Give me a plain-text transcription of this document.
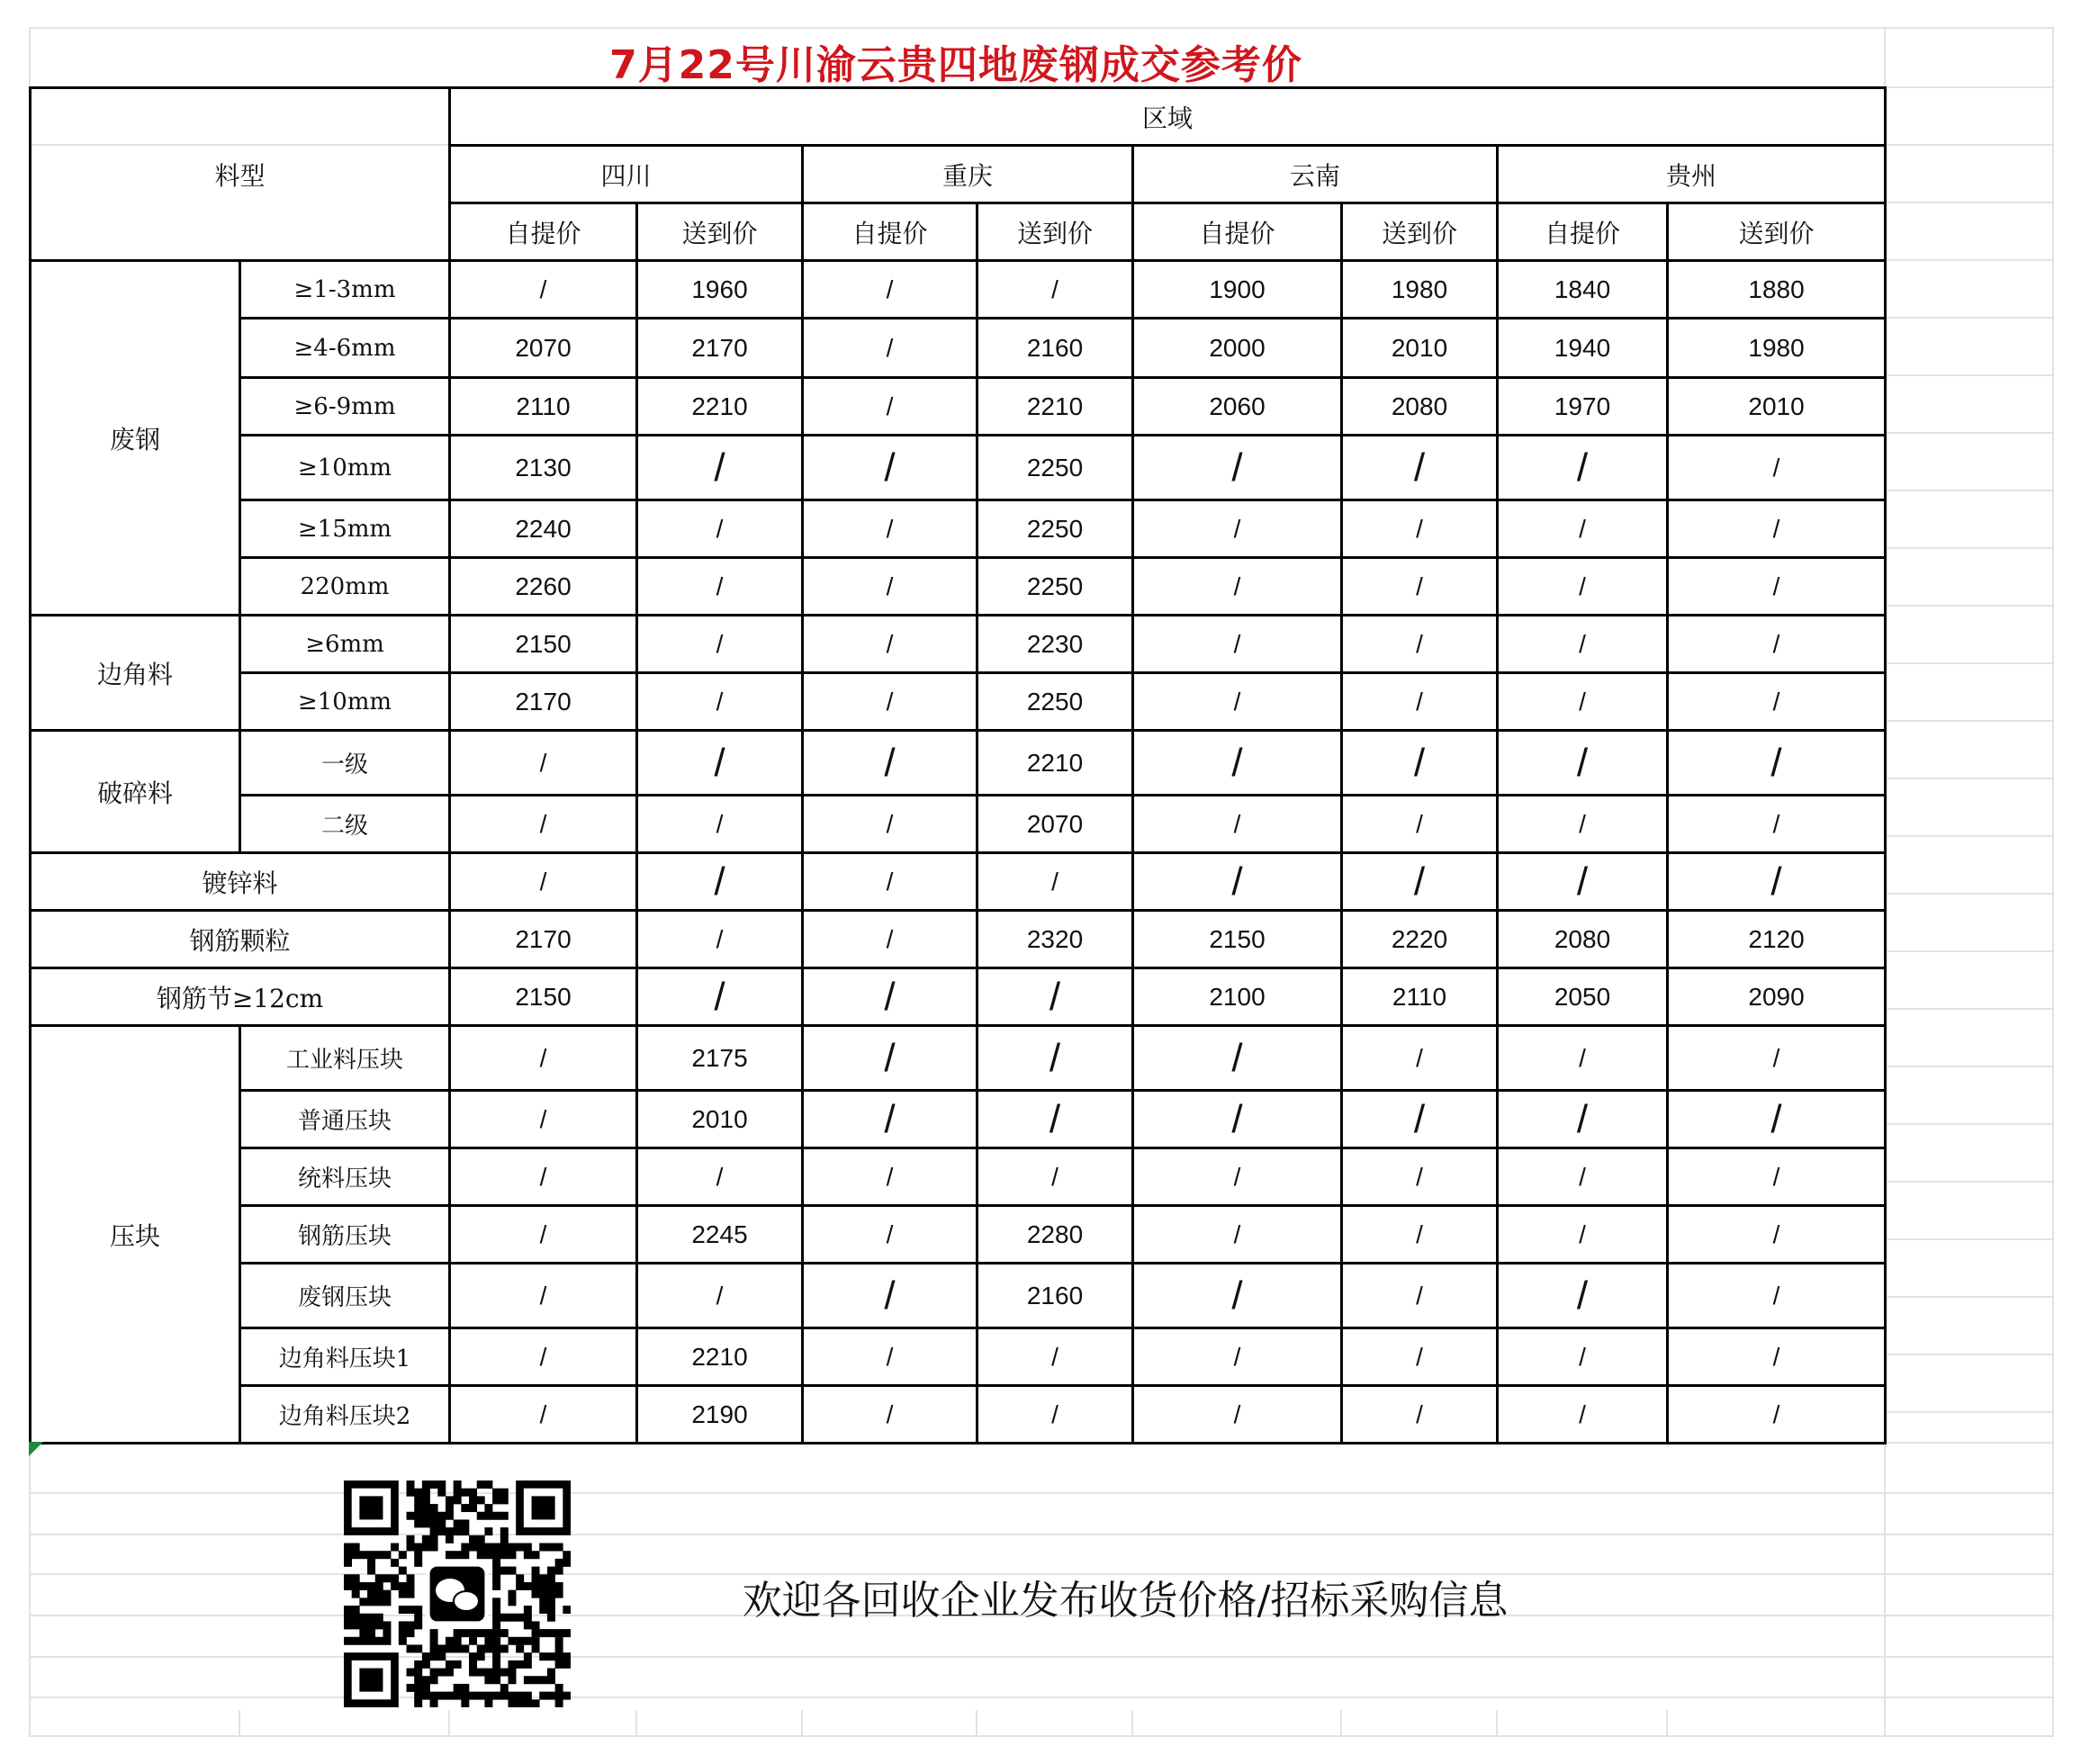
7月22号川渝云贵四地废钢成交参考价
料型		区域							
		四川		重庆		云南		贵州	
		自提价	送到价	自提价	送到价	自提价	送到价	自提价	送到价
废钢	≥1-3mm	/	1960	/	/	1900	1980	1840	1880
	≥4-6mm	2070	2170	/	2160	2000	2010	1940	1980
	≥6-9mm	2110	2210	/	2210	2060	2080	1970	2010
	≥10mm	2130	/	/	2250	/	/	/	/
	≥15mm	2240	/	/	2250	/	/	/	/
	220mm	2260	/	/	2250	/	/	/	/
边角料	≥6mm	2150	/	/	2230	/	/	/	/
	≥10mm	2170	/	/	2250	/	/	/	/
破碎料	一级	/	/	/	2210	/	/	/	/
	二级	/	/	/	2070	/	/	/	/
镀锌料		/	/	/	/	/	/	/	/
钢筋颗粒		2170	/	/	2320	2150	2220	2080	2120
钢筋节≥12cm		2150	/	/	/	2100	2110	2050	2090
压块	工业料压块	/	2175	/	/	/	/	/	/
	普通压块	/	2010	/	/	/	/	/	/
	统料压块	/	/	/	/	/	/	/	/
	钢筋压块	/	2245	/	2280	/	/	/	/
	废钢压块	/	/	/	2160	/	/	/	/
	边角料压块1	/	2210	/	/	/	/	/	/
	边角料压块2	/	2190	/	/	/	/	/	/
欢迎各回收企业发布收货价格/招标采购信息
